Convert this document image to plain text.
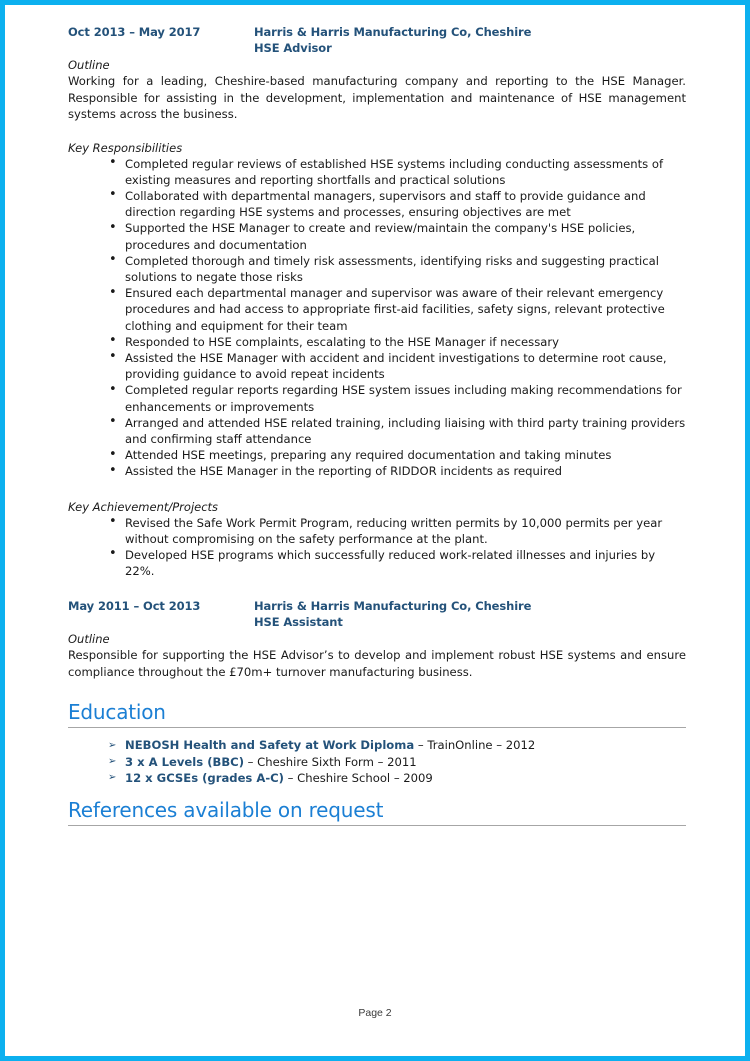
Oct 2013 – May 2017	Harris & Harris Manufacturing Co, Cheshire
HSE Advisor
Outline

Working for a leading, Cheshire-based manufacturing company and reporting to the HSE Manager. Responsible for assisting in the development, implementation and maintenance of HSE management systems across the business.

Key Responsibilities
• Completed regular reviews of established HSE systems including conducting assessments of existing measures and reporting shortfalls and practical solutions
• Collaborated with departmental managers, supervisors and staff to provide guidance and direction regarding HSE systems and processes, ensuring objectives are met
• Supported the HSE Manager to create and review/maintain the company's HSE policies, procedures and documentation
• Completed thorough and timely risk assessments, identifying risks and suggesting practical solutions to negate those risks
• Ensured each departmental manager and supervisor was aware of their relevant emergency procedures and had access to appropriate first-aid facilities, safety signs, relevant protective clothing and equipment for their team
• Responded to HSE complaints, escalating to the HSE Manager if necessary
• Assisted the HSE Manager with accident and incident investigations to determine root cause, providing guidance to avoid repeat incidents
• Completed regular reports regarding HSE system issues including making recommendations for enhancements or improvements
• Arranged and attended HSE related training, including liaising with third party training providers and confirming staff attendance
• Attended HSE meetings, preparing any required documentation and taking minutes
• Assisted the HSE Manager in the reporting of RIDDOR incidents as required
Key Achievement/Projects
• Revised the Safe Work Permit Program, reducing written permits by 10,000 permits per year without compromising on the safety performance at the plant.
• Developed HSE programs which successfully reduced work-related illnesses and injuries by 22%.
May 2011 – Oct 2013	Harris & Harris Manufacturing Co, Cheshire
HSE Assistant
Outline

Responsible for supporting the HSE Advisor’s to develop and implement robust HSE systems and ensure compliance throughout the £70m+ turnover manufacturing business.

Education
➢ NEBOSH Health and Safety at Work Diploma – TrainOnline – 2012
➢ 3 x A Levels (BBC) – Cheshire Sixth Form – 2011
➢ 12 x GCSEs (grades A-C) – Cheshire School – 2009
References available on request
Page 2
